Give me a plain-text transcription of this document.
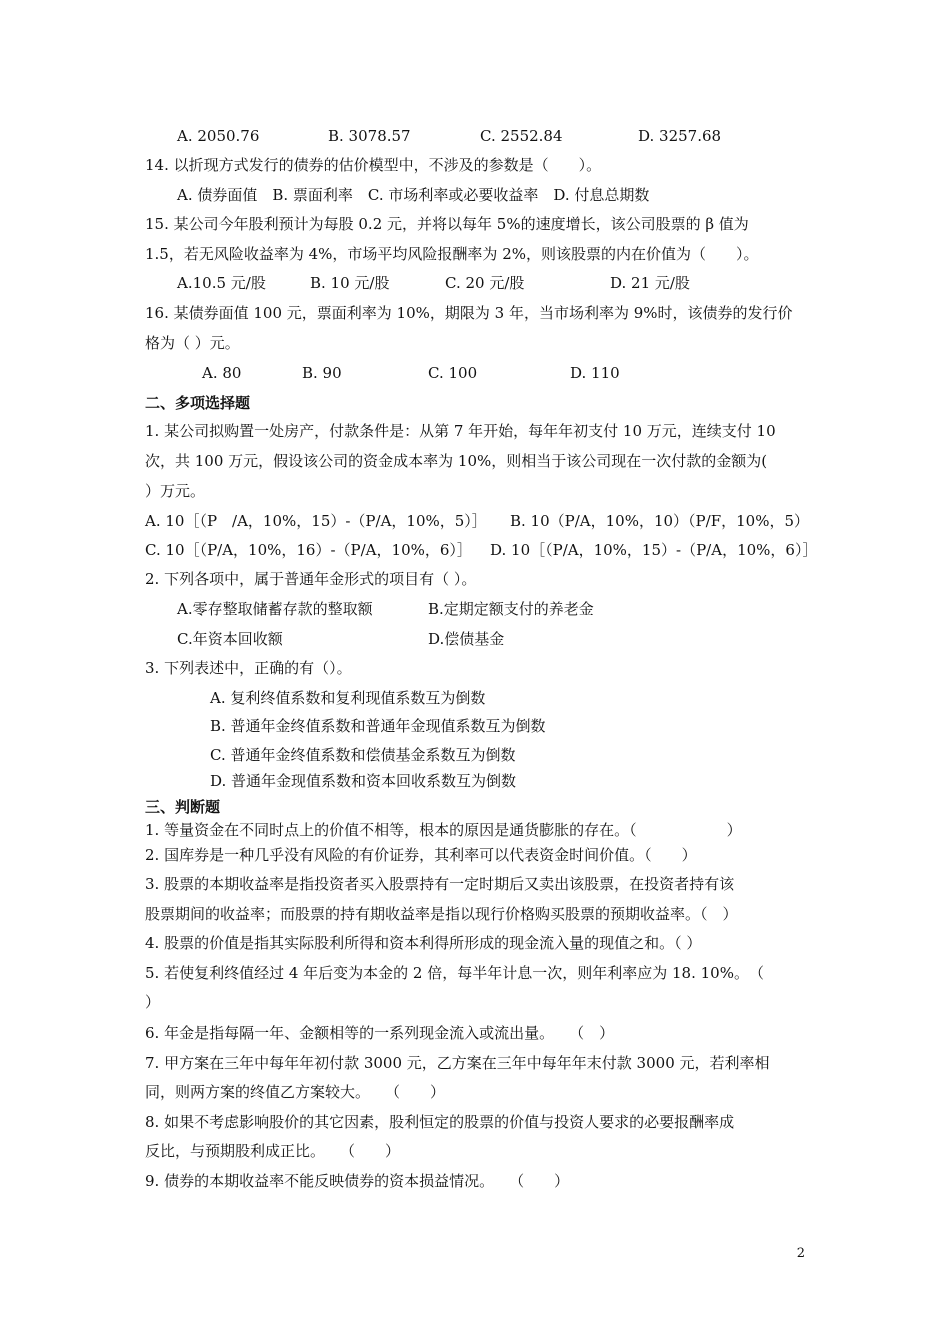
A. 2050.76	B. 3078.57	C. 2552.84	D. 3257.68
14. 以折现方式发行的债券的估价模型中，不涉及的参数是（　　）。
A. 债券面值　B. 票面利率　C. 市场利率或必要收益率　D. 付息总期数
15. 某公司今年股利预计为每股 0.2 元，并将以每年 5%的速度增长，该公司股票的 β 值为
1.5，若无风险收益率为 4%，市场平均风险报酬率为 2%，则该股票的内在价值为（　　）。
A.10.5 元/股	B. 10 元/股	C. 20 元/股	D. 21 元/股
16. 某债券面值 100 元，票面利率为 10%，期限为 3 年，当市场利率为 9%时，该债券的发行价
格为（ ）元。
A. 80	B. 90	C. 100	D. 110
二、多项选择题
1. 某公司拟购置一处房产，付款条件是：从第 7 年开始，每年年初支付 10 万元，连续支付 10
次，共 100 万元，假设该公司的资金成本率为 10%，则相当于该公司现在一次付款的金额为(
）万元。
A. 10［（P　/A，10%，15）-（P/A，10%，5）］ B. 10（P/A，10%，10）（P/F，10%，5）
C. 10［（P/A，10%，16）-（P/A，10%，6）］ D. 10［（P/A，10%，15）-（P/A，10%，6）］
2. 下列各项中，属于普通年金形式的项目有（ ）。
A.零存整取储蓄存款的整取额	B.定期定额支付的养老金
C.年资本回收额	D.偿债基金
3. 下列表述中，正确的有（）。
A. 复利终值系数和复利现值系数互为倒数
B. 普通年金终值系数和普通年金现值系数互为倒数
C. 普通年金终值系数和偿债基金系数互为倒数
D. 普通年金现值系数和资本回收系数互为倒数
三、判断题
1. 等量资金在不同时点上的价值不相等，根本的原因是通货膨胀的存在。（　　　　　　）
2. 国库券是一种几乎没有风险的有价证券，其利率可以代表资金时间价值。（　　）
3. 股票的本期收益率是指投资者买入股票持有一定时期后又卖出该股票，在投资者持有该
股票期间的收益率；而股票的持有期收益率是指以现行价格购买股票的预期收益率。（　）
4. 股票的价值是指其实际股利所得和资本利得所形成的现金流入量的现值之和。（ ）
5. 若使复利终值经过 4 年后变为本金的 2 倍，每半年计息一次，则年利率应为 18. 10%。　（
）
6. 年金是指每隔一年、金额相等的一系列现金流入或流出量。　　（　）
7. 甲方案在三年中每年年初付款 3000 元，乙方案在三年中每年年末付款 3000 元，若利率相
同，则两方案的终值乙方案较大。　　（　　）
8. 如果不考虑影响股价的其它因素，股利恒定的股票的价值与投资人要求的必要报酬率成
反比，与预期股利成正比。　　（　　）
9. 债券的本期收益率不能反映债券的资本损益情况。　　（　　）
2
